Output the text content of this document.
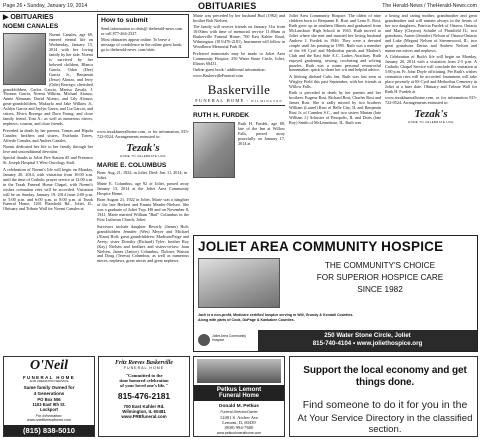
Page 26 • Sunday, January 19, 2014	OBITUARIES	The Herald-News / TheHerald-News.com
▶ OBITUARIES
NOEMI CANALES

Noemi Canales, age 69, entered eternal life on Wednesday, January 15, 2014 with her loving family by her side. Noemi is survived by her beloved children, Blanca Garcia, Odon (Dee) Garcia Jr., Benjamin (Jesse) Alonzo, and Jerry (Odie) Borrego; cherished grandchildren, Carlos Garcia, Marisa Zavala, J. Thomas Garcia, Noemi Wilkins, Michael Alonzo, Annie Almazan, David Alonzo, and Lily Alonzo; great-grandchildren, Makayla and Jake Wilkins Jr., Ashlyn Garcia and Jaylyn Garza, and Lia Garcia; and sisters, Elvira Borrego and Dora Young; and close family friend, Tom A.; as well as numerous nieces, nephews, cousins, and close friends.

Preceded in death by her parents, Tomas and Hipola Canales; brothers and sisters, Estefania Torres, Alfredo Canales, and Andres Canales.

Noemi dedicated her life to her family through her love and unconditional devotion.

Special thanks to Joliet Fire Station #5 and Presence St. Joseph Hospital 3 West Oncology Staff.

A celebration of Noemi's life will begin on Monday, January 20, 2014, with visitation from 10:00 a.m. until the time of Catholic prayer service at 12:00 a.m. in the Tezak Funeral Home Chapel, with Noemi's wishes cremation rites will be accorded. Visitation will be on Sunday, January 19, 2014 from 2:00 p.m. to 5:00 p.m. and 6:00 p.m. to 8:00 p.m. at Tezak Funeral Home, 1201 Plainfield Rd., Joliet, IL. Obituary and Tribute Wall for Noemi Canales at

How to submit

Send information to obits@ theherald-news.com or call 877-264-2527.

Most obituaries appear online. To leave a message of condolence in the online guest book, go to theherald-news. com/obits

www.tezakfuneralhome.com, or for information, 815-722-0524. Arrangements entrusted to:

Tezak's
HOME TO CELEBRATE LIFE
MARIE E. COLUMBUS

Born: Aug. 21, 1922; in Joliet. Died: Jan. 11, 2014; in Joliet.

Marie E. Columbus, age 92 of Joliet, passed away January 13, 2014 at the Joliet Area Community Hospice Home.

Born August 21, 1922 in Joliet, Marie was a daughter of the late Herbert and Emma Meader-Nielsen. She was a graduate of Joliet Twp. HS and on November 8, 1941, Marie married William "Bud" Columbus in the First Lutheran Church, Joliet.

Survivors include daughter Beverly (James) Holt; grandchildren Jennifer (Wes) Meyer and Michael (Alma) Holt; great grandchildren: Madison/Paige and Avery; sister Dorothy (Richard) Tyler; brother Roy (Kay) Nielsen and brothers and sisters-in-law: Joan Nielsen, James (Janice) Columbus, Dolores Watson and Doug (Teresa) Columbus, as well as numerous nieces, nephews, great nieces and great nephews.

Marie was preceded by her husband Bud (1982) and brother Bob Nielsen.

The family will receive friends on January 31st from 10:00am with time of memorial service 11:00am at Baskerville Funeral Home, 700 East Kahler Road, Wilmington. (815/476-2181). Inurnment will follow in Woodlawn Memorial Park II.

Preferred memorials may be made to Joliet Area Community Hospice, 250 Water Stone Circle, Joliet, Illinois 60431.

Online guest book / additional information:

www.BaskervilleFuneral.com

Baskerville
FUNERAL HOME • WILMINGTON
RUTH H. FURDEK

Ruth H. Furdek, age 89, late of the Inn at Willow Falls, passed away peacefully on January 17, 2014 at

Joliet Area Community Hospice. The oldest of nine children born to Benjamin E. Rost and Lena E. Rost, Ruth grew up in southern Illinois and graduated from McLansboro High School in 1943. Ruth moved to Joliet where she met and married her loving husband Andrew J. Furdek in 1946. They were a devoted couple until his passing in 1995. Ruth was a member of the SS Cyril and Methodius parish and Mother's Club and the East Side A.C. Ladies Auxiliary. Ruth enjoyed gardening, sewing, crocheting and solving puzzles. Ruth was a warm personal resourceful homemaker, quick to share her wit and helpful advice.

A lifelong diehard Cubs fan, Ruth was last seen at Wrigley Field this past September, with her friends at Willow Falls.

Ruth is preceded in death by her parents and her brothers: Eugene Rost, Richard Rost, Charles Rost and James Rost. She is sadly missed by two brothers William (Laurel) Rost of Belle City, IL and Benjamin Rost Jr. of Camden S.C., and two sisters Marian (late William J.) Schuster of Pinopolis, IL and Doris (late Roy) Smith of McLeansboro, IL. Ruth was

a loving and caring mother, grandmother and great grandmother and will remain always in the hearts of her two daughters, Patricia Furdek of Ottawa, Ontario and Mary (Clayton) Schulte of Plainfield IL; two grandsons, Aaron (Jennifer) Nelson of Ottawa-Ontario and Luke (Megan) Nelson of Streamwood, IL; two great grandsons Darius and Andrew Nelson and numerous nieces and nephews.

A Celebration of Ruth's life will begin on Monday, January 20, 2014 with a visitation from 2-5 p.m. A Catholic Chapel Service will conclude the visitation at 5:00 p.m. Fr. John Doyle officiating. Per Ruth's wishes cremation rites will be accorded. Inurnment will take place privately at SS Cyril and Methodius Cemetery in Joliet at a later date. Obituary and Tribute Wall for Ruth H. Furdek at

www.tezakfuneralhome.com, or for information 815-722-0524. Arrangements entrusted to:

Tezak's
HOME TO CELEBRATE LIFE
JOLIET AREA COMMUNITY HOSPICE
THE COMMUNITY'S CHOICE
FOR SUPERIOR HOSPICE CARE
SINCE 1982
Jach is a non-profit, Medicare certified hospice serving in Will, Grundy & Kendall Counties.
Along with parts of Cook, DuPage & Kankakee Counties.
Joliet Area Community Hospice
250 Water Stone Circle, Joliet
815-740-4104 • www.joliethospice.org
O'Neil
FUNERAL HOME
AND CREMATION SERVICE
Same family Owned for
4 Generations
PO Box 556
1103 East 9th St.
Lockport
For Information:
www.oneilfuneralhome.com
(815) 838-5010
Fritz Reeves Baskerville
FUNERAL HOME
"Committed to the
time honored celebration
of your loved one's life."
815-476-2181
700 East Kahler Rd.
Wilmington, IL 60481
www.FRBfuneral.com
Petkus Lemont
Funeral Home
Donald M. Petkus
Funeral Director/Owner
12401 S. Archer Ave
Lemont, IL 60439
(800) 994-7600
www.petkusfuneralhome.com
Support the local economy and get things done.
Find someone to do it for you in the
At Your Service Directory in the classified section.
